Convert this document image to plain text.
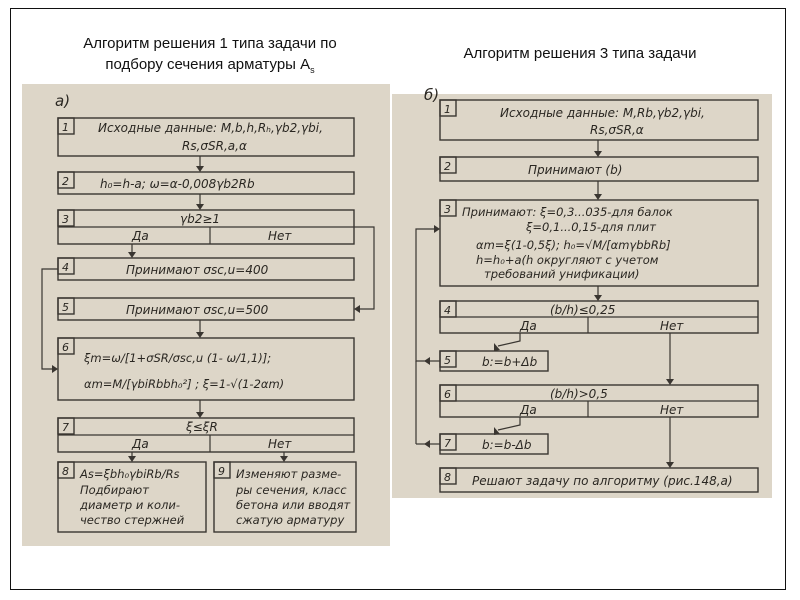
Алгоритм решения 1 типа задачи по
подбору сечения арматуры $A_s$
Алгоритм решения 3 типа задачи
а)
1 Исходные данные: M,b,h,Rₕ,γb2,γbi,
Rs,σSR,a,α
2	h₀=h-a; ω=α-0,008γb2Rb
3	γb2≥1
Да	Нет
4	Принимают σsc,u=400
5	Принимают σsc,u=500
6
ξm=ω/[1+σSR/σsc,u (1- ω/1,1)];
αm=M/[γbiRbbh₀²] ; ξ=1-√(1-2αm)
7	ξ≤ξR
Да	Нет
8 As=ξbh₀γbiRb/Rs
Подбирают
диаметр и коли-
чество стержней
9 Изменяют разме-
ры сечения, класс
бетона или вводят
сжатую арматуру
б)
1	Исходные данные: M,Rb,γb2,γbi,
Rs,σSR,α
2	Принимают (b)
3 Принимают: ξ=0,3...035-для балок
ξ=0,1...0,15-для плит
αm=ξ(1-0,5ξ); h₀=√M/[αmγbbRb]
h=h₀+a(h округляют с учетом
требований унификации)
4	(b/h)≤0,25
Да	Нет
5	b:=b+Δb
6	(b/h)>0,5
Да	Нет
7	b:=b-Δb
8 Решают задачу по алгоритму (рис.148,а)
